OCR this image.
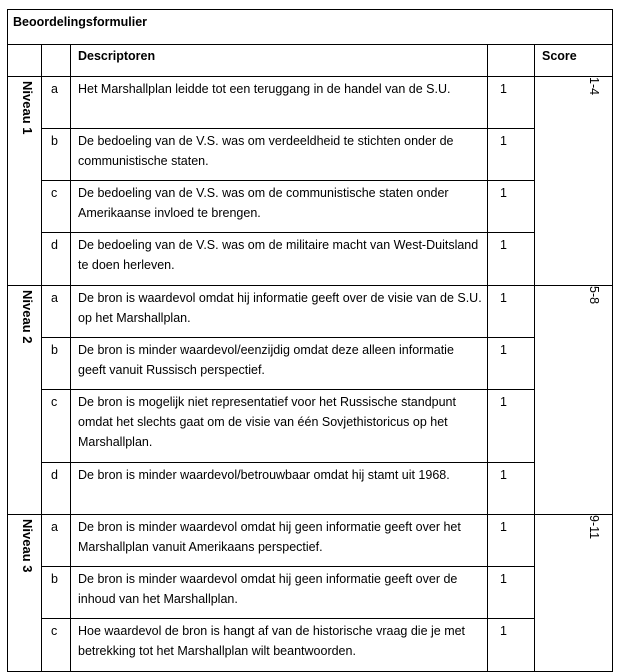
Beoordelingsformulier				
		Descriptoren		Score

Niveau 1	a	Het Marshallplan leidde tot een teruggang in de handel van de S.U.	1	1-4

	b	De bedoeling van de V.S. was om verdeeldheid te stichten onder de communistische staten.	1	
	c	De bedoeling van de V.S. was om de communistische staten onder Amerikaanse invloed te brengen.	1	
	d	De bedoeling van de V.S. was om de militaire macht van West-Duitsland te doen herleven.	1	

Niveau 2	a	De bron is waardevol omdat hij informatie geeft over de visie van de S.U. op het Marshallplan.	1	5-8

	b	De bron is minder waardevol/eenzijdig omdat deze alleen informatie geeft vanuit Russisch perspectief.	1	
	c	De bron is mogelijk niet representatief voor het Russische standpunt omdat het slechts gaat om de visie van één Sovjethistoricus op het Marshallplan.	1	
	d	De bron is minder waardevol/betrouwbaar omdat hij stamt uit 1968.	1	

Niveau 3	a	De bron is minder waardevol omdat hij geen informatie geeft over het Marshallplan vanuit Amerikaans perspectief.	1	9-11

	b	De bron is minder waardevol omdat hij geen informatie geeft over de inhoud van het Marshallplan.	1	
	c	Hoe waardevol de bron is hangt af van de historische vraag die je met betrekking tot het Marshallplan wilt beantwoorden.	1	
